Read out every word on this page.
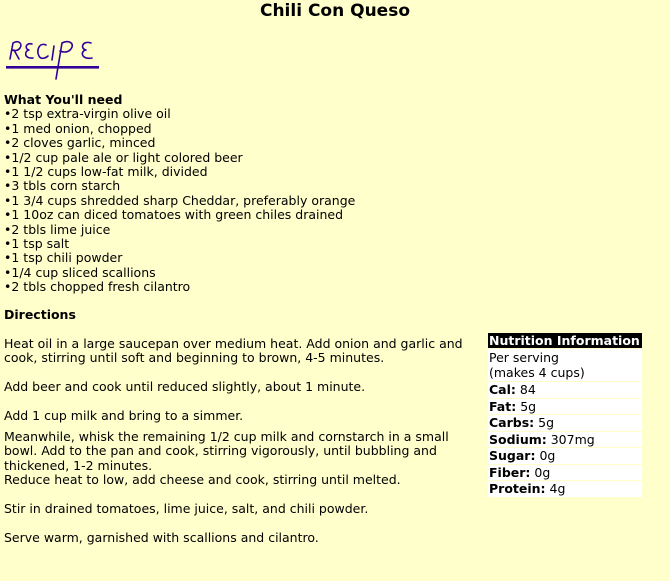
Chili Con Queso
What You'll need
•2 tsp extra-virgin olive oil
•1 med onion, chopped
•2 cloves garlic, minced
•1/2 cup pale ale or light colored beer
•1 1/2 cups low-fat milk, divided
•3 tbls corn starch
•1 3/4 cups shredded sharp Cheddar, preferably orange
•1 10oz can diced tomatoes with green chiles drained
•2 tbls lime juice
•1 tsp salt
•1 tsp chili powder
•1/4 cup sliced scallions
•2 tbls chopped fresh cilantro
Directions
Heat oil in a large saucepan over medium heat. Add onion and garlic and cook, stirring until soft and beginning to brown, 4-5 minutes.
Add beer and cook until reduced slightly, about 1 minute.
Add 1 cup milk and bring to a simmer.
Meanwhile, whisk the remaining 1/2 cup milk and cornstarch in a small bowl. Add to the pan and cook, stirring vigorously, until bubbling and thickened, 1-2 minutes.
Reduce heat to low, add cheese and cook, stirring until melted.
Stir in drained tomatoes, lime juice, salt, and chili powder.
Serve warm, garnished with scallions and cilantro.
Nutrition Information
Per serving
(makes 4 cups)
Cal: 84
Fat: 5g
Carbs: 5g
Sodium: 307mg
Sugar: 0g
Fiber: 0g
Protein: 4g
